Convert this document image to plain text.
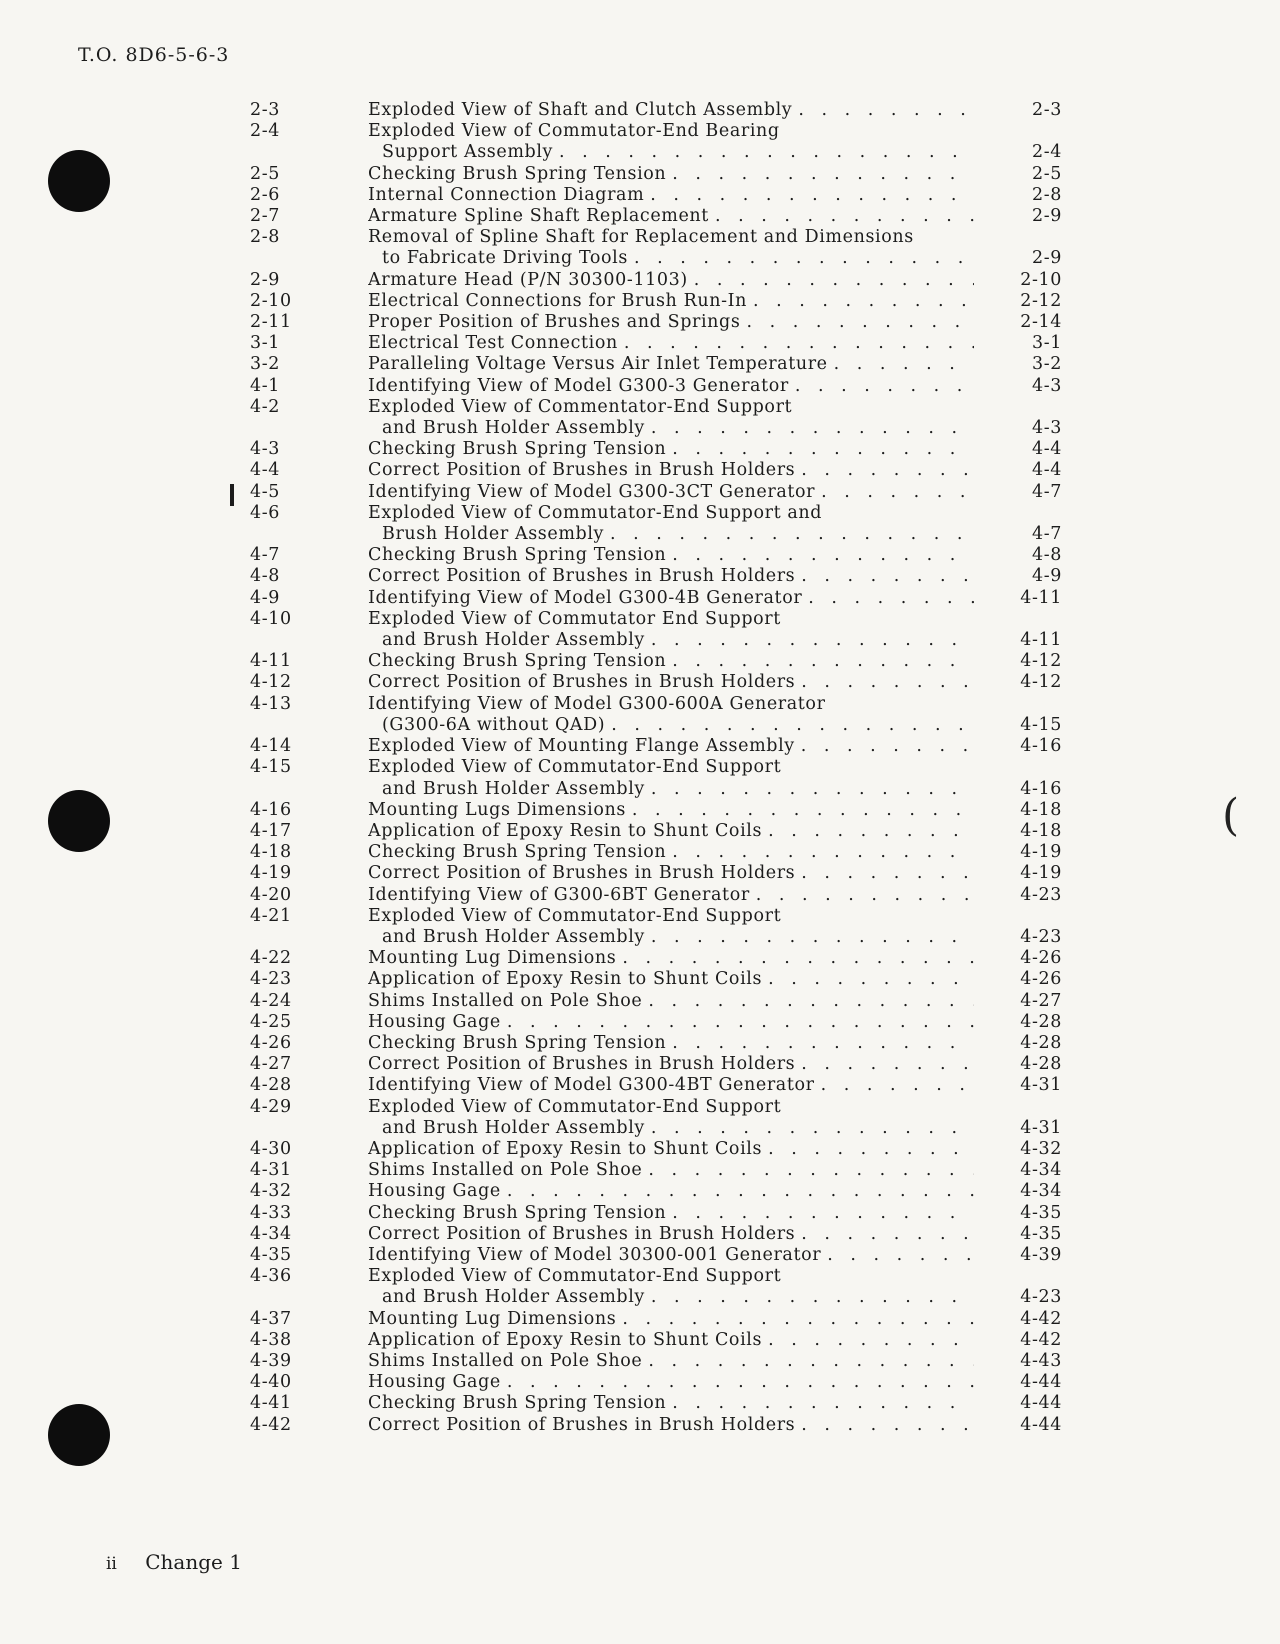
T.O. 8D6-5-6-3
(
2-3	Exploded View of Shaft and Clutch Assembly . . .	2-3
2-4	Exploded View of Commutator-End Bearing
Support Assembly . . .	2-4
2-5	Checking Brush Spring Tension . . .	2-5
2-6	Internal Connection Diagram . . .	2-8
2-7	Armature Spline Shaft Replacement . . .	2-9
2-8	Removal of Spline Shaft for Replacement and Dimensions
to Fabricate Driving Tools . . .	2-9
2-9	Armature Head (P/N 30300-1103) . . .	2-10
2-10	Electrical Connections for Brush Run-In . . .	2-12
2-11	Proper Position of Brushes and Springs . . .	2-14
3-1	Electrical Test Connection . . .	3-1
3-2	Paralleling Voltage Versus Air Inlet Temperature . . .	3-2
4-1	Identifying View of Model G300-3 Generator . . .	4-3
4-2	Exploded View of Commentator-End Support
and Brush Holder Assembly . . .	4-3
4-3	Checking Brush Spring Tension . . .	4-4
4-4	Correct Position of Brushes in Brush Holders . . .	4-4
4-5	Identifying View of Model G300-3CT Generator . . .	4-7
4-6	Exploded View of Commutator-End Support and
Brush Holder Assembly . . .	4-7
4-7	Checking Brush Spring Tension . . .	4-8
4-8	Correct Position of Brushes in Brush Holders . . .	4-9
4-9	Identifying View of Model G300-4B Generator . . .	4-11
4-10	Exploded View of Commutator End Support
and Brush Holder Assembly . . .	4-11
4-11	Checking Brush Spring Tension . . .	4-12
4-12	Correct Position of Brushes in Brush Holders . . .	4-12
4-13	Identifying View of Model G300-600A Generator
(G300-6A without QAD) . . .	4-15
4-14	Exploded View of Mounting Flange Assembly . . .	4-16
4-15	Exploded View of Commutator-End Support
and Brush Holder Assembly . . .	4-16
4-16	Mounting Lugs Dimensions . . .	4-18
4-17	Application of Epoxy Resin to Shunt Coils . . .	4-18
4-18	Checking Brush Spring Tension . . .	4-19
4-19	Correct Position of Brushes in Brush Holders . . .	4-19
4-20	Identifying View of G300-6BT Generator . . .	4-23
4-21	Exploded View of Commutator-End Support
and Brush Holder Assembly . . .	4-23
4-22	Mounting Lug Dimensions . . .	4-26
4-23	Application of Epoxy Resin to Shunt Coils . . .	4-26
4-24	Shims Installed on Pole Shoe . . .	4-27
4-25	Housing Gage . . .	4-28
4-26	Checking Brush Spring Tension . . .	4-28
4-27	Correct Position of Brushes in Brush Holders . . .	4-28
4-28	Identifying View of Model G300-4BT Generator . . .	4-31
4-29	Exploded View of Commutator-End Support
and Brush Holder Assembly . . .	4-31
4-30	Application of Epoxy Resin to Shunt Coils . . .	4-32
4-31	Shims Installed on Pole Shoe . . .	4-34
4-32	Housing Gage . . .	4-34
4-33	Checking Brush Spring Tension . . .	4-35
4-34	Correct Position of Brushes in Brush Holders . . .	4-35
4-35	Identifying View of Model 30300-001 Generator . . .	4-39
4-36	Exploded View of Commutator-End Support
and Brush Holder Assembly . . .	4-23
4-37	Mounting Lug Dimensions . . .	4-42
4-38	Application of Epoxy Resin to Shunt Coils . . .	4-42
4-39	Shims Installed on Pole Shoe . . .	4-43
4-40	Housing Gage . . .	4-44
4-41	Checking Brush Spring Tension . . .	4-44
4-42	Correct Position of Brushes in Brush Holders . . .	4-44
ii Change 1
